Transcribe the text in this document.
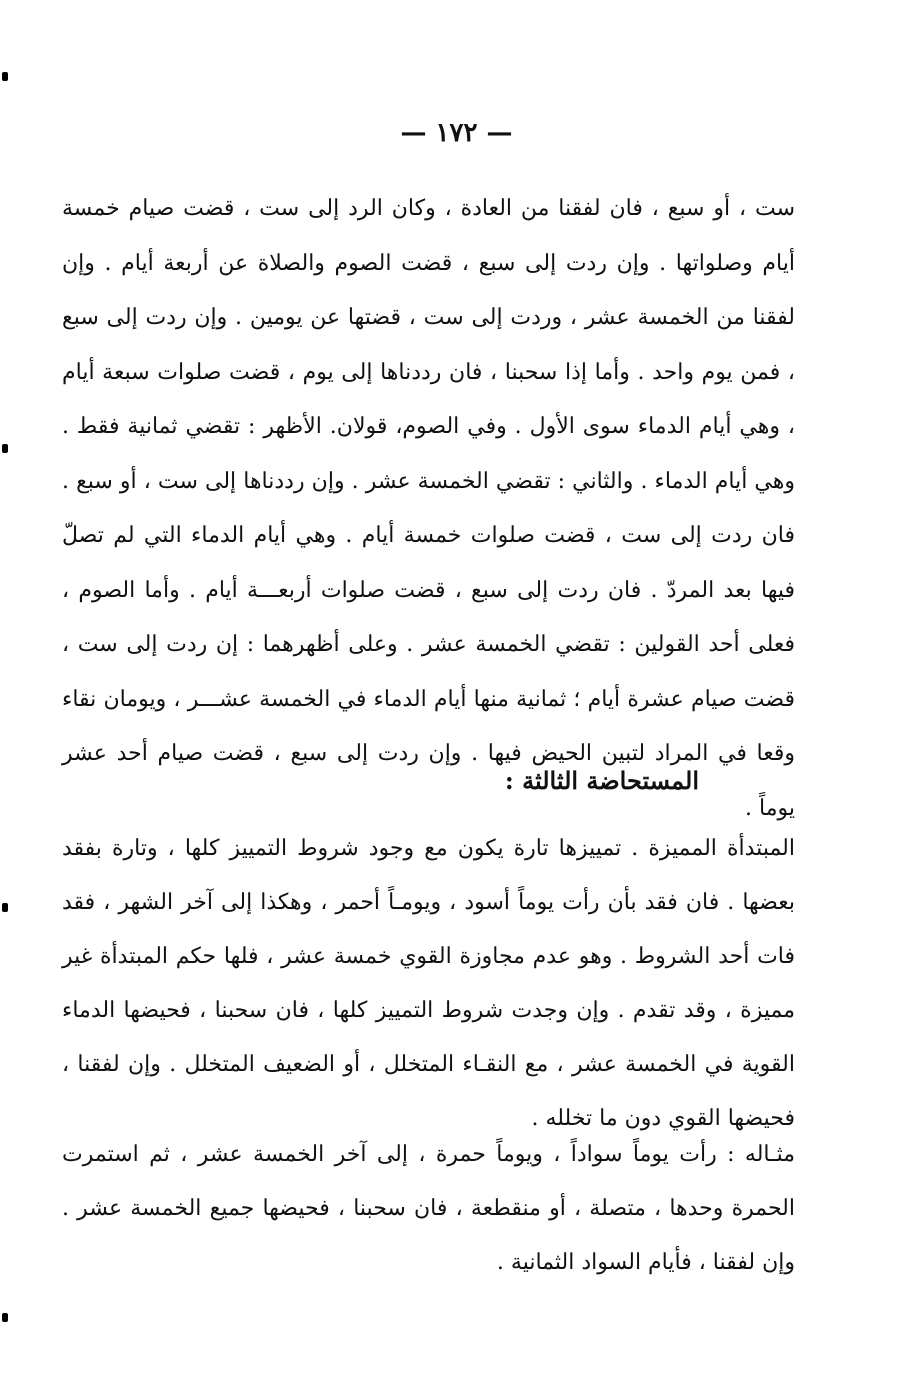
— ١٧٢ —

ست ، أو سبع ، فان لفقنا من العادة ، وكان الرد إلى ست ، قضت صيام خمسة أيام وصلواتها . وإن ردت إلى سبع ، قضت الصوم والصلاة عن أربعة أيام . وإن لفقنا من الخمسة عشر ، وردت إلى ست ، قضتها عن يومين . وإن ردت إلى سبع ، فمن يوم واحد . وأما إذا سحبنا ، فان رددناها إلى يوم ، قضت صلوات سبعة أيام ، وهي أيام الدماء سوى الأول . وفي الصوم، قولان. الأظهر : تقضي ثمانية فقط . وهي أيام الدماء . والثاني : تقضي الخمسة عشر . وإن رددناها إلى ست ، أو سبع . فان ردت إلى ست ، قضت صلوات خمسة أيام . وهي أيام الدماء التي لم تصلّ فيها بعد المردّ . فان ردت إلى سبع ، قضت صلوات أربعـــة أيام . وأما الصوم ، فعلى أحد القولين : تقضي الخمسة عشر . وعلى أظهرهما : إن ردت إلى ست ، قضت صيام عشرة أيام ؛ ثمانية منها أيام الدماء في الخمسة عشـــر ، ويومان نقاء وقعا في المراد لتبين الحيض فيها . وإن ردت إلى سبع ، قضت صيام أحد عشر يوماً .

المستحاضة الثالثة :

المبتدأة المميزة . تمييزها تارة يكون مع وجود شروط التمييز كلها ، وتارة بفقد بعضها . فان فقد بأن رأت يوماً أسود ، ويومـاً أحمر ، وهكذا إلى آخر الشهر ، فقد فات أحد الشروط . وهو عدم مجاوزة القوي خمسة عشر ، فلها حكم المبتدأة غير مميزة ، وقد تقدم . وإن وجدت شروط التمييز كلها ، فان سحبنا ، فحيضها الدماء القوية في الخمسة عشر ، مع النقـاء المتخلل ، أو الضعيف المتخلل . وإن لفقنا ، فحيضها القوي دون ما تخلله .

مثـاله : رأت يوماً سواداً ، ويوماً حمرة ، إلى آخر الخمسة عشر ، ثم استمرت الحمرة وحدها ، متصلة ، أو منقطعة ، فان سحبنا ، فحيضها جميع الخمسة عشر . وإن لفقنا ، فأيام السواد الثمانية .
